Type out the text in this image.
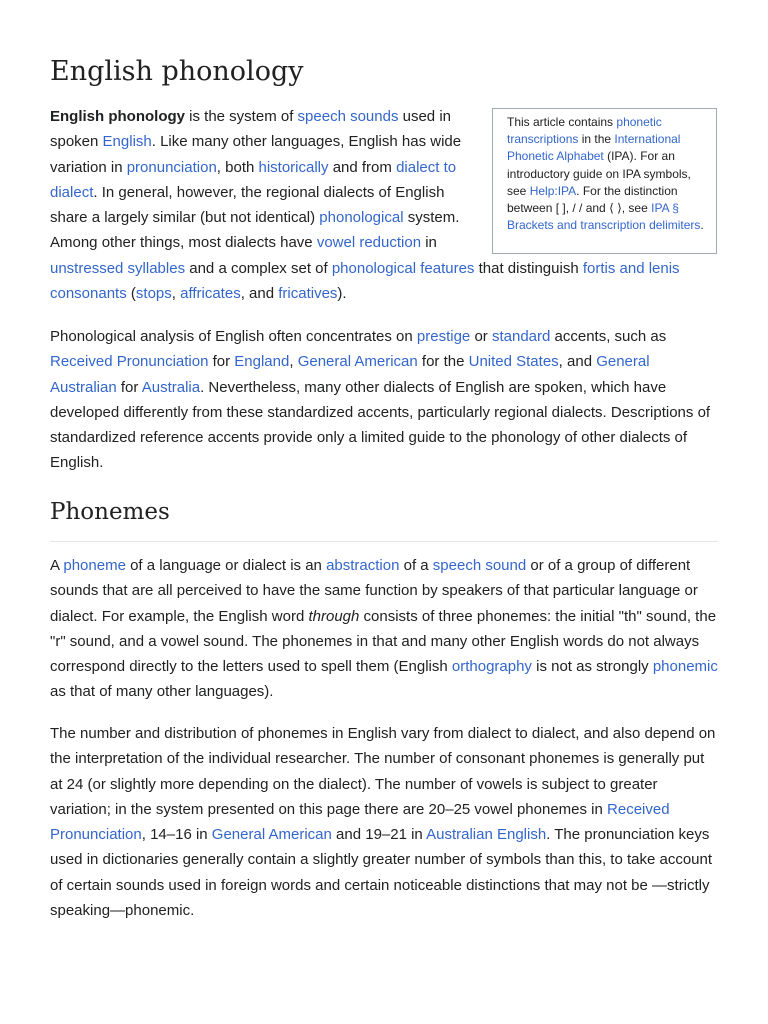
English phonology
This article contains phonetic transcriptions in the International Phonetic Alphabet (IPA). For an introductory guide on IPA symbols, see Help:IPA. For the distinction between [ ], / / and ⟨ ⟩, see IPA § Brackets and transcription delimiters.

English phonology is the system of speech sounds used in spoken English. Like many other languages, English has wide variation in pronunciation, both historically and from dialect to dialect. In general, however, the regional dialects of English share a largely similar (but not identical) phonological system. Among other things, most dialects have vowel reduction in unstressed syllables and a complex set of phonological features that distinguish fortis and lenis consonants (stops, affricates, and fricatives).

Phonological analysis of English often concentrates on prestige or standard accents, such as Received Pronunciation for England, General American for the United States, and General Australian for Australia. Nevertheless, many other dialects of English are spoken, which have developed differently from these standardized accents, particularly regional dialects. Descriptions of standardized reference accents provide only a limited guide to the phonology of other dialects of English.

Phonemes

A phoneme of a language or dialect is an abstraction of a speech sound or of a group of different sounds that are all perceived to have the same function by speakers of that particular language or dialect. For example, the English word through consists of three phonemes: the initial "th" sound, the "r" sound, and a vowel sound. The phonemes in that and many other English words do not always correspond directly to the letters used to spell them (English orthography is not as strongly phonemic as that of many other languages).

The number and distribution of phonemes in English vary from dialect to dialect, and also depend on the interpretation of the individual researcher. The number of consonant phonemes is generally put at 24 (or slightly more depending on the dialect). The number of vowels is subject to greater variation; in the system presented on this page there are 20–25 vowel phonemes in Received Pronunciation, 14–16 in General American and 19–21 in Australian English. The pronunciation keys used in dictionaries generally contain a slightly greater number of symbols than this, to take account of certain sounds used in foreign words and certain noticeable distinctions that may not be —strictly speaking—phonemic.
